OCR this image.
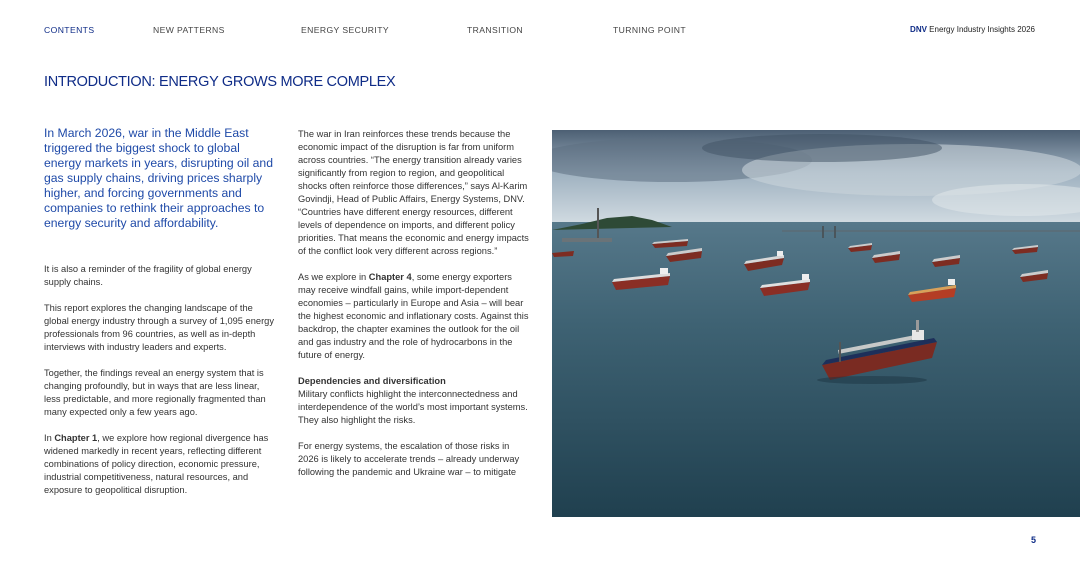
CONTENTS	NEW PATTERNS	ENERGY SECURITY	TRANSITION	TURNING POINT	DNV Energy Industry Insights 2026
INTRODUCTION: ENERGY GROWS MORE COMPLEX

In March 2026, war in the Middle East triggered the biggest shock to global energy markets in years, disrupting oil and gas supply chains, driving prices sharply higher, and forcing governments and companies to rethink their approaches to energy security and affordability.

It is also a reminder of the fragility of global energy supply chains.

This report explores the changing landscape of the global energy industry through a survey of 1,095 energy professionals from 96 countries, as well as in-depth interviews with industry leaders and experts.

Together, the findings reveal an energy system that is changing profoundly, but in ways that are less linear, less predictable, and more regionally fragmented than many expected only a few years ago.

In Chapter 1, we explore how regional divergence has widened markedly in recent years, reflecting different combinations of policy direction, economic pressure, industrial competitiveness, natural resources, and exposure to geopolitical disruption.

The war in Iran reinforces these trends because the economic impact of the disruption is far from uniform across countries. “The energy transition already varies significantly from region to region, and geopolitical shocks often reinforce those differences,” says Al-Karim Govindji, Head of Public Affairs, Energy Systems, DNV. “Countries have different energy resources, different levels of dependence on imports, and different policy priorities. That means the economic and energy impacts of the conflict look very different across regions.”

As we explore in Chapter 4, some energy exporters may receive windfall gains, while import-dependent economies – particularly in Europe and Asia – will bear the highest economic and inflationary costs. Against this backdrop, the chapter examines the outlook for the oil and gas industry and the role of hydrocarbons in the future of energy.

Dependencies and diversification

Military conflicts highlight the interconnectedness and interdependence of the world’s most important systems. They also highlight the risks.

For energy systems, the escalation of those risks in 2026 is likely to accelerate trends – already underway following the pandemic and Ukraine war – to mitigate

5
